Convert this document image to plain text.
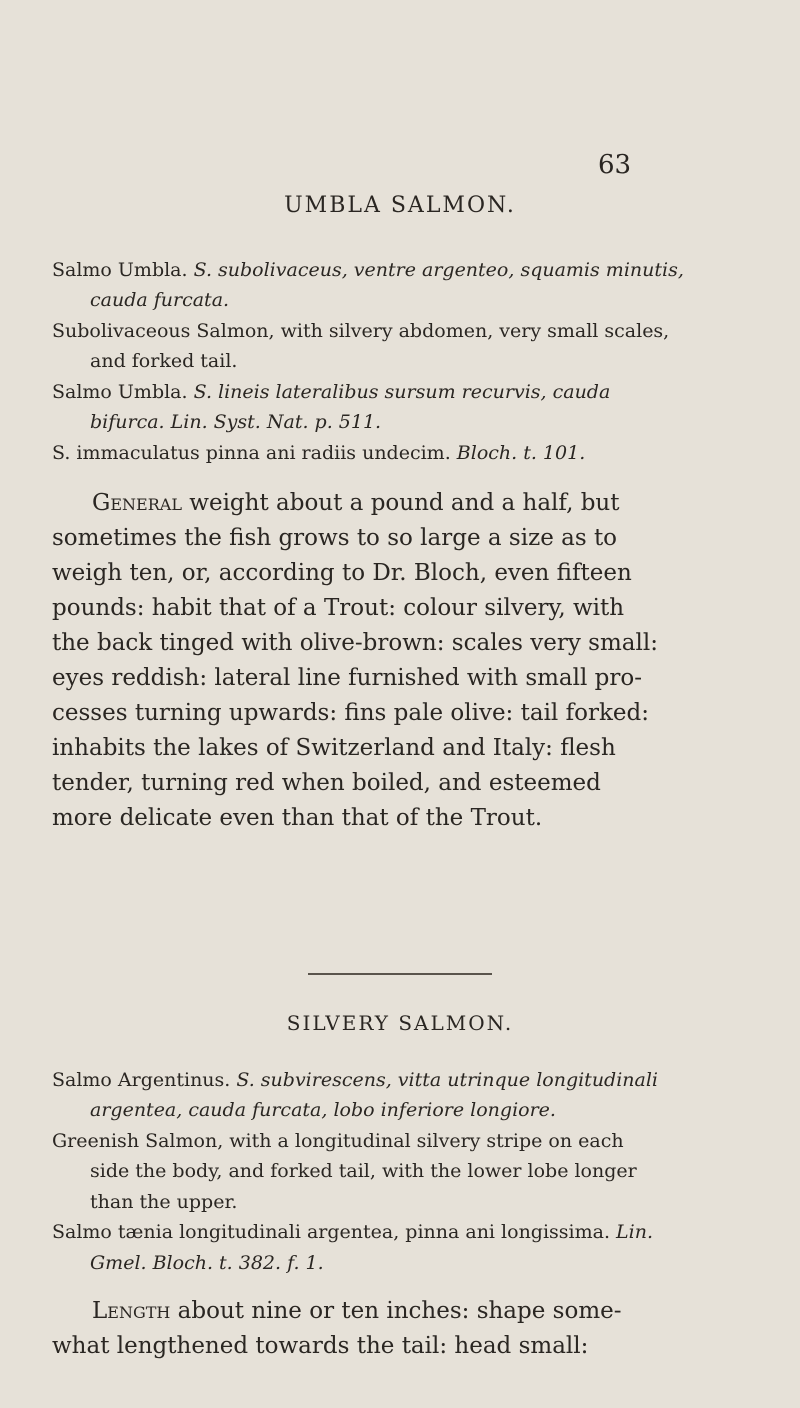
63
UMBLA SALMON.
Salmo Umbla. S. subolivaceus, ventre argenteo, squamis minutis,
cauda furcata.
Subolivaceous Salmon, with silvery abdomen, very small scales,
and forked tail.
Salmo Umbla. S. lineis lateralibus sursum recurvis, cauda
bifurca. Lin. Syst. Nat. p. 511.
S. immaculatus pinna ani radiis undecim. Bloch. t. 101.
General weight about a pound and a half, but
sometimes the fish grows to so large a size as to
weigh ten, or, according to Dr. Bloch, even fifteen
pounds: habit that of a Trout: colour silvery, with
the back tinged with olive-brown: scales very small:
eyes reddish: lateral line furnished with small pro-
cesses turning upwards: fins pale olive: tail forked:
inhabits the lakes of Switzerland and Italy: flesh
tender, turning red when boiled, and esteemed
more delicate even than that of the Trout.
SILVERY SALMON.
Salmo Argentinus. S. subvirescens, vitta utrinque longitudinali
argentea, cauda furcata, lobo inferiore longiore.
Greenish Salmon, with a longitudinal silvery stripe on each
side the body, and forked tail, with the lower lobe longer
than the upper.
Salmo tænia longitudinali argentea, pinna ani longissima. Lin.
Gmel. Bloch. t. 382. f. 1.
Length about nine or ten inches: shape some-
what lengthened towards the tail: head small:
